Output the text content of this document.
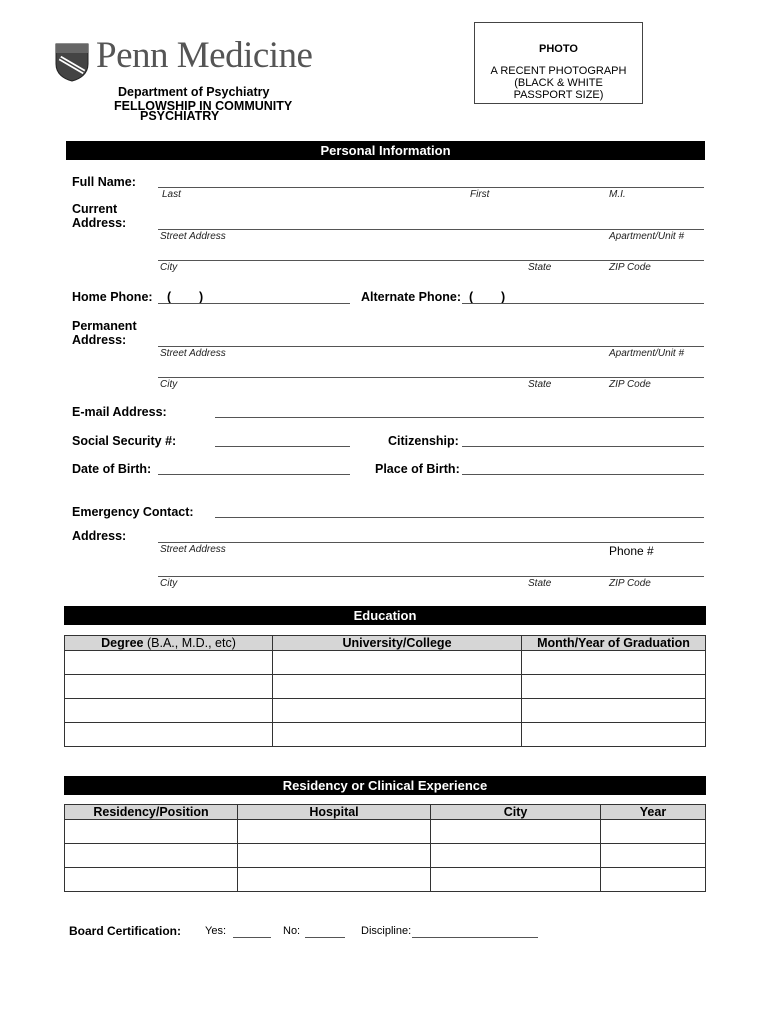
Penn Medicine
Department of Psychiatry
FELLOWSHIP IN COMMUNITY
PSYCHIATRY
PHOTO
A RECENT PHOTOGRAPH
(BLACK & WHITE
PASSPORT SIZE)
Personal Information
Full Name:
Last	First	M.I.
Current
Address:
Street Address	Apartment/Unit #
City	State	ZIP Code
Home Phone: (        )	Alternate Phone: (        )
Permanent
Address:
Street Address	Apartment/Unit #
City	State	ZIP Code
E-mail Address:
Social Security #:	Citizenship:
Date of Birth:	Place of Birth:
Emergency Contact:
Address:
Street Address	Phone #
City	State	ZIP Code
Education
Degree (B.A., M.D., etc)	University/College	Month/Year of Graduation

Residency or Clinical Experience
Residency/Position	Hospital	City	Year

Board Certification: Yes:	No:	Discipline:
